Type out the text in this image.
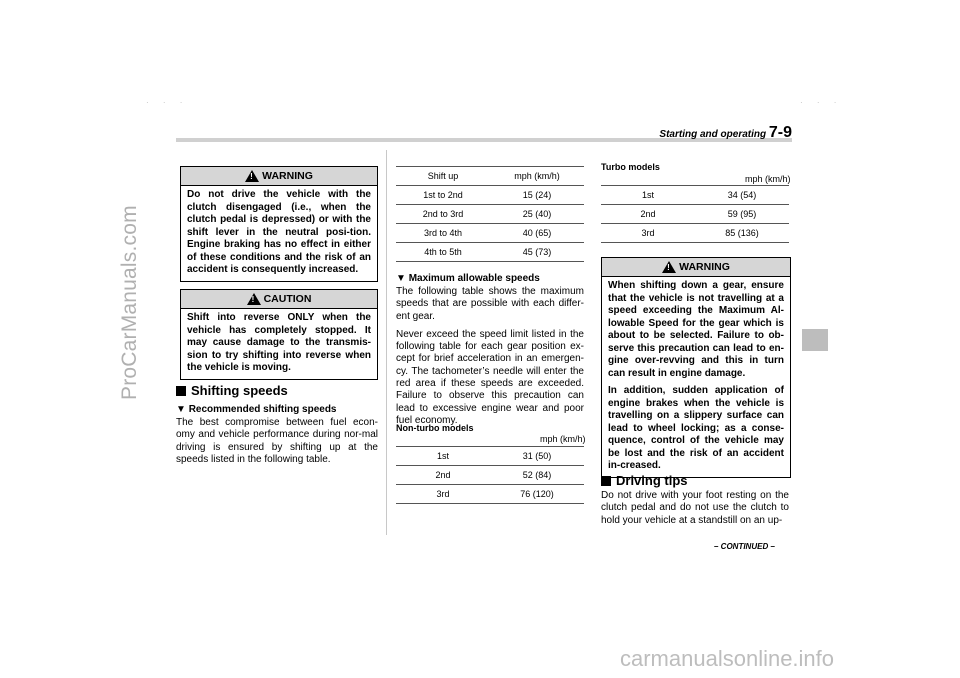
· · ·	· · ·
ProCarManuals.com
carmanualsonline.info
Starting and operating 7-9
!
WARNING

Do not drive the vehicle with the clutch disengaged (i.e., when the clutch pedal is depressed) or with the shift lever in the neutral posi-tion. Engine braking has no effect in either of these conditions and the risk of an accident is consequently increased.

!
CAUTION

Shift into reverse ONLY when the vehicle has completely stopped. It may cause damage to the transmis-sion to try shifting into reverse when the vehicle is moving.

Shifting speeds
▼ Recommended shifting speeds

The best compromise between fuel econ-omy and vehicle performance during nor-mal driving is ensured by shifting up at the speeds listed in the following table.

Shift up	mph (km/h)
1st to 2nd	15 (24)
2nd to 3rd	25 (40)
3rd to 4th	40 (65)
4th to 5th	45 (73)
▼ Maximum allowable speeds

The following table shows the maximum speeds that are possible with each differ-ent gear.

Never exceed the speed limit listed in the following table for each gear position ex-cept for brief acceleration in an emergen-cy. The tachometer’s needle will enter the red area if these speeds are exceeded. Failure to observe this precaution can lead to excessive engine wear and poor fuel economy.

Non-turbo models
mph (km/h)
1st	31 (50)
2nd	52 (84)
3rd	76 (120)
Turbo models
mph (km/h)
1st	34 (54)
2nd	59 (95)
3rd	85 (136)
!
WARNING

When shifting down a gear, ensure that the vehicle is not travelling at a speed exceeding the Maximum Al-lowable Speed for the gear which is about to be selected. Failure to ob-serve this precaution can lead to en-gine over-revving and this in turn can result in engine damage.

In addition, sudden application of engine brakes when the vehicle is travelling on a slippery surface can lead to wheel locking; as a conse-quence, control of the vehicle may be lost and the risk of an accident in-creased.

Driving tips

Do not drive with your foot resting on the clutch pedal and do not use the clutch to hold your vehicle at a standstill on an up-

– CONTINUED –
